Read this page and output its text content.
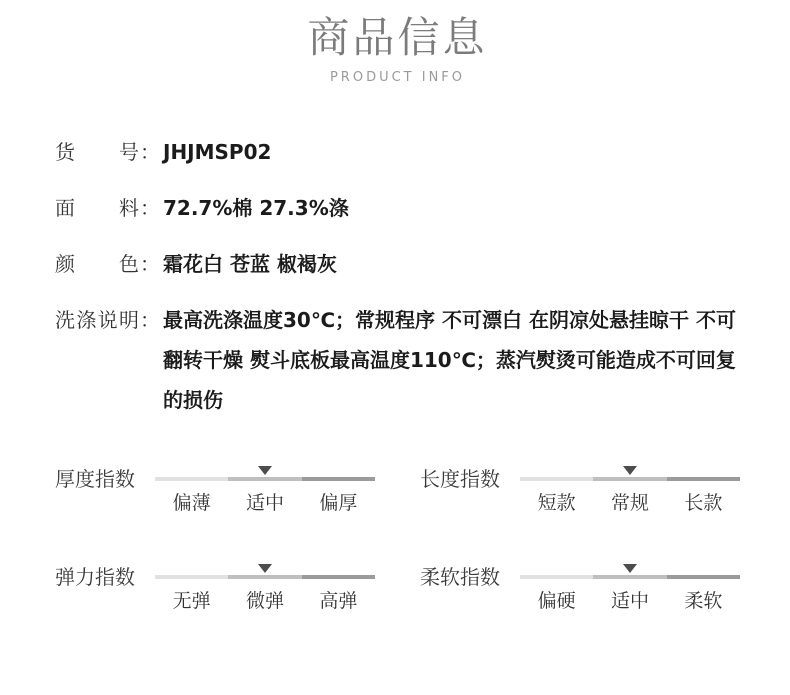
商品信息
PRODUCT INFO
货号 ： JHJMSP02
面料 ： 72.7%棉 27.3%涤
颜色 ： 霜花白 苍蓝 椒褐灰
洗涤说明 ： 最高洗涤温度30℃；常规程序 不可漂白 在阴凉处悬挂晾干 不可翻转干燥 熨斗底板最高温度110℃；蒸汽熨烫可能造成不可回复的损伤
厚度指数
偏薄	适中	偏厚
长度指数
短款	常规	长款
弹力指数
无弹	微弹	高弹
柔软指数
偏硬	适中	柔软
